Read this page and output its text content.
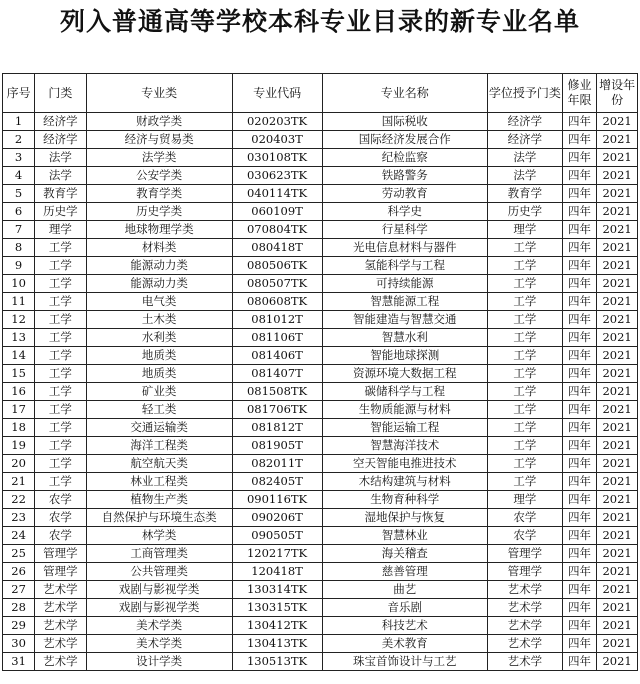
列入普通高等学校本科专业目录的新专业名单
序号	门类	专业类	专业代码	专业名称	学位授予门类	修业年限	增设年份
1	经济学	财政学类	020203TK	国际税收	经济学	四年	2021
2	经济学	经济与贸易类	020403T	国际经济发展合作	经济学	四年	2021
3	法学	法学类	030108TK	纪检监察	法学	四年	2021
4	法学	公安学类	030623TK	铁路警务	法学	四年	2021
5	教育学	教育学类	040114TK	劳动教育	教育学	四年	2021
6	历史学	历史学类	060109T	科学史	历史学	四年	2021
7	理学	地球物理学类	070804TK	行星科学	理学	四年	2021
8	工学	材料类	080418T	光电信息材料与器件	工学	四年	2021
9	工学	能源动力类	080506TK	氢能科学与工程	工学	四年	2021
10	工学	能源动力类	080507TK	可持续能源	工学	四年	2021
11	工学	电气类	080608TK	智慧能源工程	工学	四年	2021
12	工学	土木类	081012T	智能建造与智慧交通	工学	四年	2021
13	工学	水利类	081106T	智慧水利	工学	四年	2021
14	工学	地质类	081406T	智能地球探测	工学	四年	2021
15	工学	地质类	081407T	资源环境大数据工程	工学	四年	2021
16	工学	矿业类	081508TK	碳储科学与工程	工学	四年	2021
17	工学	轻工类	081706TK	生物质能源与材料	工学	四年	2021
18	工学	交通运输类	081812T	智能运输工程	工学	四年	2021
19	工学	海洋工程类	081905T	智慧海洋技术	工学	四年	2021
20	工学	航空航天类	082011T	空天智能电推进技术	工学	四年	2021
21	工学	林业工程类	082405T	木结构建筑与材料	工学	四年	2021
22	农学	植物生产类	090116TK	生物育种科学	理学	四年	2021
23	农学	自然保护与环境生态类	090206T	湿地保护与恢复	农学	四年	2021
24	农学	林学类	090505T	智慧林业	农学	四年	2021
25	管理学	工商管理类	120217TK	海关稽查	管理学	四年	2021
26	管理学	公共管理类	120418T	慈善管理	管理学	四年	2021
27	艺术学	戏剧与影视学类	130314TK	曲艺	艺术学	四年	2021
28	艺术学	戏剧与影视学类	130315TK	音乐剧	艺术学	四年	2021
29	艺术学	美术学类	130412TK	科技艺术	艺术学	四年	2021
30	艺术学	美术学类	130413TK	美术教育	艺术学	四年	2021
31	艺术学	设计学类	130513TK	珠宝首饰设计与工艺	艺术学	四年	2021
